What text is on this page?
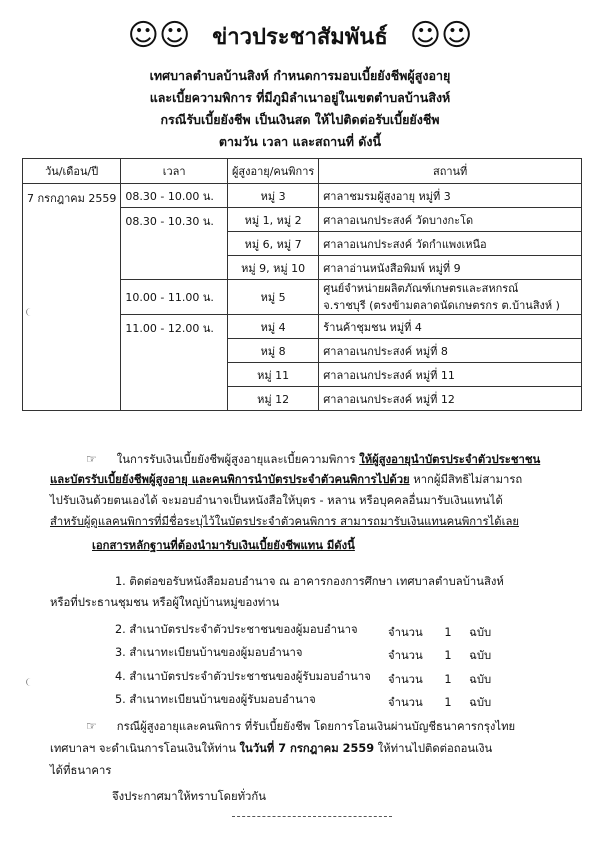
☺☺ ข่าวประชาสัมพันธ์ ☺☺
เทศบาลตำบลบ้านสิงห์ กำหนดการมอบเบี้ยยังชีพผู้สูงอายุ
และเบี้ยความพิการ ที่มีภูมิลำเนาอยู่ในเขตตำบลบ้านสิงห์
กรณีรับเบี้ยยังชีพ เป็นเงินสด ให้ไปติดต่อรับเบี้ยยังชีพ
ตามวัน เวลา และสถานที่ ดังนี้
วัน/เดือน/ปี	เวลา	ผู้สูงอายุ/คนพิการ	สถานที่
7 กรกฎาคม 2559	08.30 - 10.00 น.	หมู่ 3	ศาลาชมรมผู้สูงอายุ หมู่ที่ 3
	08.30 - 10.30 น.	หมู่ 1, หมู่ 2	ศาลาอเนกประสงค์ วัดบางกะโด
		หมู่ 6, หมู่ 7	ศาลาอเนกประสงค์ วัดกำแพงเหนือ
		หมู่ 9, หมู่ 10	ศาลาอ่านหนังสือพิมพ์ หมู่ที่ 9
	10.00 - 11.00 น.	หมู่ 5	ศูนย์จำหน่ายผลิตภัณฑ์เกษตรและสหกรณ์
จ.ราชบุรี (ตรงข้ามตลาดนัดเกษตรกร ต.บ้านสิงห์ )

	11.00 - 12.00 น.	หมู่ 4	ร้านค้าชุมชน หมู่ที่ 4
		หมู่ 8	ศาลาอเนกประสงค์ หมู่ที่ 8
		หมู่ 11	ศาลาอเนกประสงค์ หมู่ที่ 11
		หมู่ 12	ศาลาอเนกประสงค์ หมู่ที่ 12
☞ ในการรับเงินเบี้ยยังชีพผู้สูงอายุและเบี้ยความพิการ ให้ผู้สูงอายุนำบัตรประจำตัวประชาชน
และบัตรรับเบี้ยยังชีพผู้สูงอายุ และคนพิการนำบัตรประจำตัวคนพิการไปด้วย หากผู้มีสิทธิไม่สามารถ
ไปรับเงินด้วยตนเองได้ จะมอบอำนาจเป็นหนังสือให้บุตร - หลาน หรือบุคคลอื่นมารับเงินแทนได้
สำหรับผู้ดูแลคนพิการที่มีชื่อระบุไว้ในบัตรประจำตัวคนพิการ สามารถมารับเงินแทนคนพิการได้เลย
เอกสารหลักฐานที่ต้องนำมารับเงินเบี้ยยังชีพแทน มีดังนี้
1. ติดต่อขอรับหนังสือมอบอำนาจ ณ อาคารกองการศึกษา เทศบาลตำบลบ้านสิงห์
หรือที่ประธานชุมชน หรือผู้ใหญ่บ้านหมู่ของท่าน
2. สำเนาบัตรประจำตัวประชาชนของผู้มอบอำนาจ	จำนวน 1 ฉบับ
3. สำเนาทะเบียนบ้านของผู้มอบอำนาจ	จำนวน 1 ฉบับ
4. สำเนาบัตรประจำตัวประชาชนของผู้รับมอบอำนาจ จำนวน 1 ฉบับ
5. สำเนาทะเบียนบ้านของผู้รับมอบอำนาจ	จำนวน 1 ฉบับ
☞ กรณีผู้สูงอายุและคนพิการ ที่รับเบี้ยยังชีพ โดยการโอนเงินผ่านบัญชีธนาคารกรุงไทย
เทศบาลฯ จะดำเนินการโอนเงินให้ท่าน ในวันที่ 7 กรกฎาคม 2559 ให้ท่านไปติดต่อถอนเงิน
ได้ที่ธนาคาร
จึงประกาศมาให้ทราบโดยทั่วกัน
